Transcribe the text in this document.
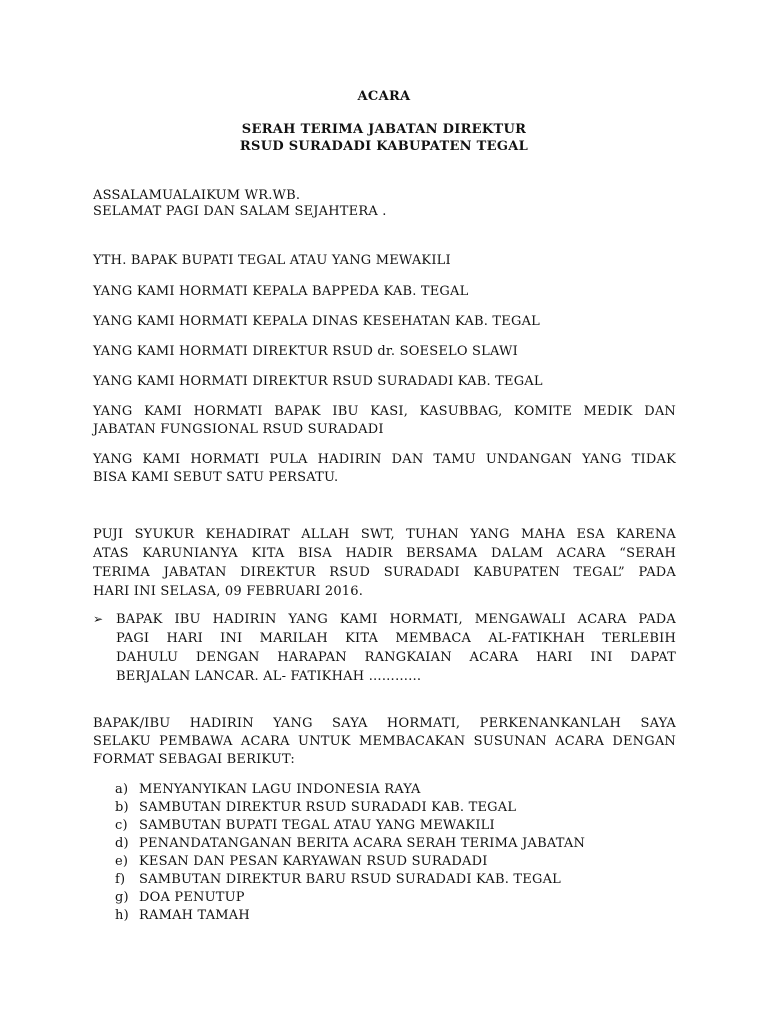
ACARA
SERAH TERIMA JABATAN DIREKTUR
RSUD SURADADI KABUPATEN TEGAL
ASSALAMUALAIKUM WR.WB.
SELAMAT PAGI DAN SALAM SEJAHTERA .
YTH. BAPAK BUPATI TEGAL ATAU YANG MEWAKILI
YANG KAMI HORMATI KEPALA BAPPEDA KAB. TEGAL
YANG KAMI HORMATI KEPALA DINAS KESEHATAN KAB. TEGAL
YANG KAMI HORMATI DIREKTUR RSUD dr. SOESELO SLAWI
YANG KAMI HORMATI DIREKTUR RSUD SURADADI KAB. TEGAL
YANG KAMI HORMATI BAPAK IBU KASI, KASUBBAG, KOMITE MEDIK DAN
JABATAN FUNGSIONAL RSUD SURADADI
YANG KAMI HORMATI PULA HADIRIN DAN TAMU UNDANGAN YANG TIDAK
BISA KAMI SEBUT SATU PERSATU.
PUJI SYUKUR KEHADIRAT ALLAH SWT, TUHAN YANG MAHA ESA KARENA
ATAS KARUNIANYA KITA BISA HADIR BERSAMA DALAM ACARA “SERAH
TERIMA JABATAN DIREKTUR RSUD SURADADI KABUPATEN TEGAL” PADA
HARI INI SELASA, 09 FEBRUARI 2016.
➢ BAPAK IBU HADIRIN YANG KAMI HORMATI, MENGAWALI ACARA PADA
PAGI HARI INI MARILAH KITA MEMBACA AL-FATIKHAH TERLEBIH
DAHULU DENGAN HARAPAN RANGKAIAN ACARA HARI INI DAPAT
BERJALAN LANCAR. AL- FATIKHAH …………
BAPAK/IBU HADIRIN YANG SAYA HORMATI, PERKENANKANLAH SAYA
SELAKU PEMBAWA ACARA UNTUK MEMBACAKAN SUSUNAN ACARA DENGAN
FORMAT SEBAGAI BERIKUT:
a) MENYANYIKAN LAGU INDONESIA RAYA
b) SAMBUTAN DIREKTUR RSUD SURADADI KAB. TEGAL
c) SAMBUTAN BUPATI TEGAL ATAU YANG MEWAKILI
d) PENANDATANGANAN BERITA ACARA SERAH TERIMA JABATAN
e) KESAN DAN PESAN KARYAWAN RSUD SURADADI
f)	SAMBUTAN DIREKTUR BARU RSUD SURADADI KAB. TEGAL
g) DOA PENUTUP
h) RAMAH TAMAH
